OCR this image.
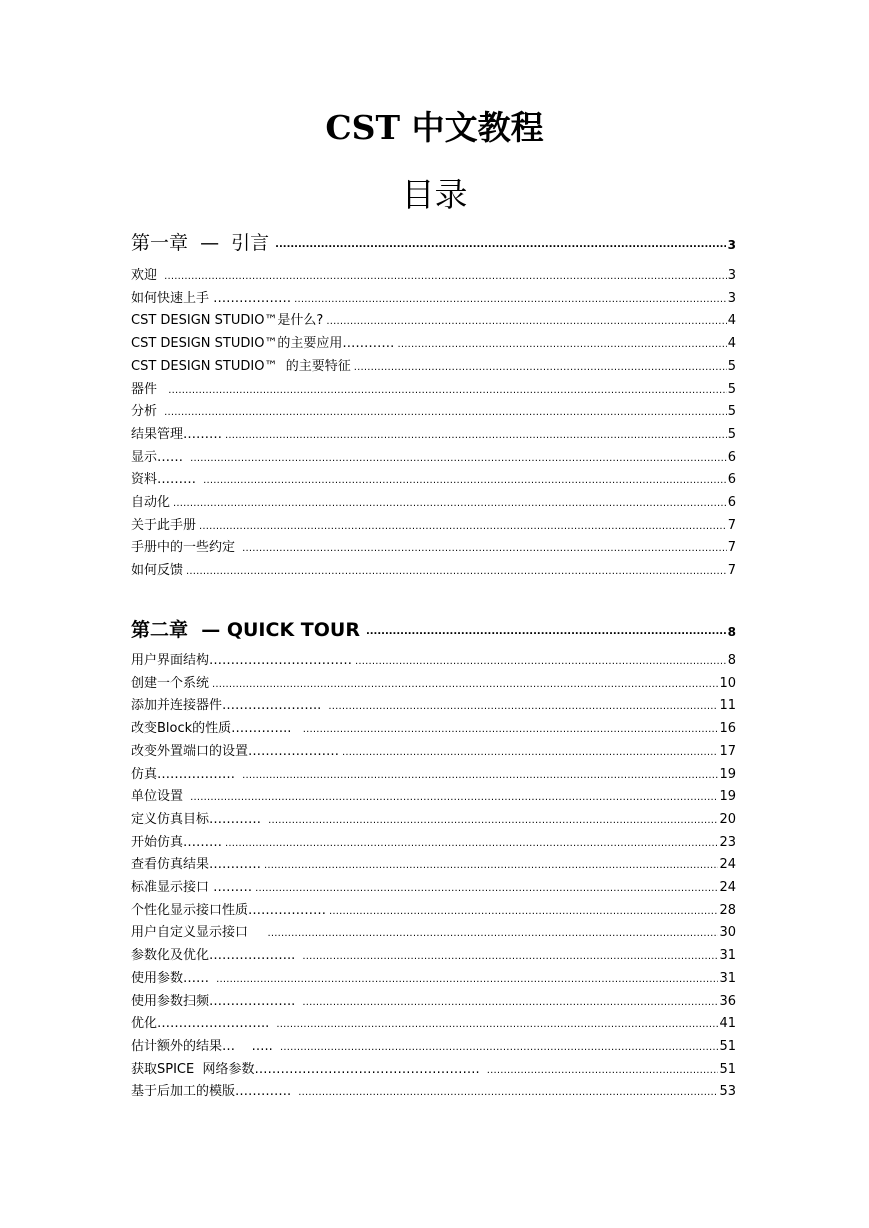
CST 中文教程
目录
第一章  —  引言 .....	3
欢迎 .....	3
如何快速上手 ……………… .....	3
CST DESIGN STUDIO™是什么? .....	4
CST DESIGN STUDIO™的主要应用………… .....	4
CST DESIGN STUDIO™  的主要特征 .....	5
器件 .....	5
分析 .....	5
结果管理……… .....	5
显示…… .....	6
资料……… .....	6
自动化 .....	6
关于此手册 .....	7
手册中的一些约定 .....	7
如何反馈 .....	7
第二章  — QUICK TOUR .....	8
用户界面结构…………………………… .....	8
创建一个系统 .....	10
添加并连接器件………………….. .....	11
改变Block的性质………….. .....	16
改变外置端口的设置………………… .....	17
仿真……………… .....	19
单位设置 .....	19
定义仿真目标………… .....	20
开始仿真……… .....	23
查看仿真结果………… .....	24
标准显示接口 ……… .....	24
个性化显示接口性质……………… .....	28
用户自定义显示接口 .....	30
参数化及优化……………….. .....	31
使用参数…… .....	31
使用参数扫频……………….. .....	36
优化…………………….. .....	41
估计额外的结果…    ….. .....	51
获取SPICE  网络参数……………………………………………. .....	51
基于后加工的模版…………. .....	53
